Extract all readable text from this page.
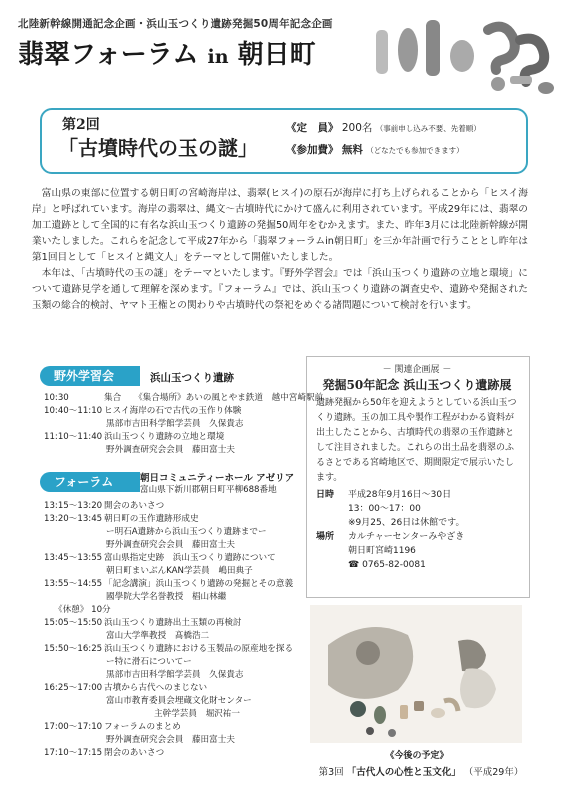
北陸新幹線開通記念企画・浜山玉つくり遺跡発掘50周年記念企画
翡翠フォーラム in 朝日町
第2回
「古墳時代の玉の謎」
《定　員》 200名 （事前申し込み不要、先着順）
《参加費》 無料 （どなたでも参加できます）

富山県の東部に位置する朝日町の宮崎海岸は、翡翠(ヒスイ)の原石が海岸に打ち上げられることから「ヒスイ海岸」と呼ばれています。海岸の翡翠は、縄文～古墳時代にかけて盛んに利用されています。平成29年には、翡翠の加工遺跡として全国的に有名な浜山玉つくり遺跡の発掘50周年をむかえます。また、昨年3月には北陸新幹線が開業いたしました。これらを記念して平成27年から「翡翠フォーラムin朝日町」を三か年計画で行うこととし昨年は第1回目として「ヒスイと縄文人」をテーマとして開催いたしました。

本年は、「古墳時代の玉の謎」をテーマといたします。『野外学習会』では「浜山玉つくり遺跡の立地と環境」について遺跡見学を通して理解を深めます。『フォーラム』では、浜山玉つくり遺跡の調査史や、遺跡や発掘された玉類の総合的検討、ヤマト王権との関わりや古墳時代の祭祀をめぐる諸問題について検討を行います。

野外学習会	浜山玉つくり遺跡
10:30	集合　　《集合場所》あいの風とやま鉄道　越中宮崎駅前
10:40～11:10 ヒスイ海岸の石で古代の玉作り体験
黒部市吉田科学館学芸員　久保貴志
11:10～11:40 浜山玉つくり遺跡の立地と環境
野外調査研究会会員　藤田富士夫
フォーラム	朝日コミュニティーホール アゼリア
富山県下新川郡朝日町平柳688番地
13:15～13:20 開会のあいさつ
13:20～13:45 朝日町の玉作遺跡形成史
ー明石A遺跡から浜山玉つくり遺跡までー
野外調査研究会会員　藤田富士夫
13:45～13:55 富山県指定史跡　浜山玉つくり遺跡について
朝日町まいぶんKAN学芸員　嶋田典子
13:55～14:55 「記念講演」浜山玉つくり遺跡の発掘とその意義
國學院大学名誉教授　椙山林繼
《休憩》 10分
15:05～15:50 浜山玉つくり遺跡出土玉類の再検討
富山大学準教授　髙橋浩二
15:50～16:25 浜山玉つくり遺跡における玉製品の原産地を探る
ー特に滑石についてー
黒部市吉田科学館学芸員　久保貴志
16:25～17:00 古墳から古代へのまじない
富山市教育委員会埋蔵文化財センター
主幹学芸員　堀沢祐一
17:00～17:10 フォーラムのまとめ
野外調査研究会会員　藤田富士夫
17:10～17:15 閉会のあいさつ
－ 関連企画展 －
発掘50年記念 浜山玉つくり遺跡展
遺跡発掘から50年を迎えようとしている浜山玉つくり遺跡。玉の加工具や製作工程がわかる資料が出土したことから、古墳時代の翡翠の玉作遺跡として注目されました。これらの出土品を翡翠のふるさとである宮崎地区で、期間限定で展示いたします。
日時 平成28年9月16日～30日
13：00～17：00
※9月25、26日は休館です。
場所 カルチャーセンターみやざき
朝日町宮崎1196
☎ 0765-82-0081
《今後の予定》
第3回 「古代人の心性と玉文化」 （平成29年）
